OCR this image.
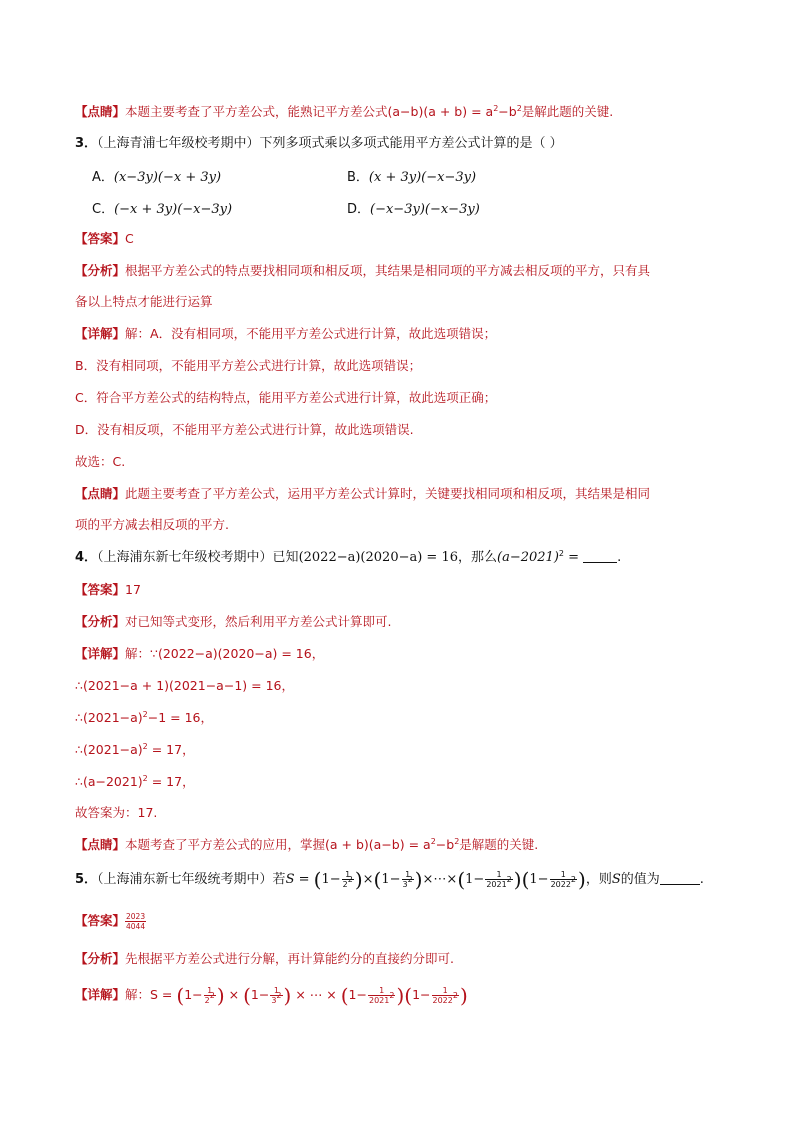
【点睛】本题主要考查了平方差公式，能熟记平方差公式$(a-b)(a + b) = a^2-b^2$是解此题的关键.
3．（上海青浦七年级校考期中）下列多项式乘以多项式能用平方差公式计算的是（ ）
A．(x−3y)(−x + 3y)	B．(x + 3y)(−x−3y)
C．(−x + 3y)(−x−3y)	D．(−x−3y)(−x−3y)
【答案】C
【分析】根据平方差公式的特点要找相同项和相反项，其结果是相同项的平方减去相反项的平方，只有具
备以上特点才能进行运算
【详解】解：A．没有相同项，不能用平方差公式进行计算，故此选项错误；
B．没有相同项，不能用平方差公式进行计算，故此选项错误；
C．符合平方差公式的结构特点，能用平方差公式进行计算，故此选项正确；
D．没有相反项，不能用平方差公式进行计算，故此选项错误.
故选：C.
【点睛】此题主要考查了平方差公式，运用平方差公式计算时，关键要找相同项和相反项，其结果是相同
项的平方减去相反项的平方.
4．（上海浦东新七年级校考期中）已知(2022−a)(2020−a) = 16，那么$(a-2021)^2$ =	.
【答案】17
【分析】对已知等式变形，然后利用平方差公式计算即可.
【详解】解：∵(2022−a)(2020−a) = 16，
∴(2021−a + 1)(2021−a−1) = 16，
$\therefore(2021-a)^2-1 = 16$，
$\therefore(2021-a)^2 = 17$，
$\therefore(a-2021)^2 = 17$，
故答案为：17.
【点睛】本题考查了平方差公式的应用，掌握$(a + b)(a-b) = a^2-b^2$是解题的关键.
5．（上海浦东新七年级统考期中）若$S = (1- \frac{1}{2^2} )\times(1- \frac{1}{3^2}$ )×⋯×(1− $\frac{1}{2021^2} )(1- \frac{1}{2022^2}$ )，则S的值为	.
【答案】 $\frac{2023}{4044}$
【分析】先根据平方差公式进行分解，再计算能约分的直接约分即可.
【详解】解：$S = (1- \frac{1}{2^2}$ ) × ($1- \frac{1}{3^2}$ ) × ⋯ × $(1- \frac{1}{2021^2} )(1- \frac{1}{2022^2}$ )
